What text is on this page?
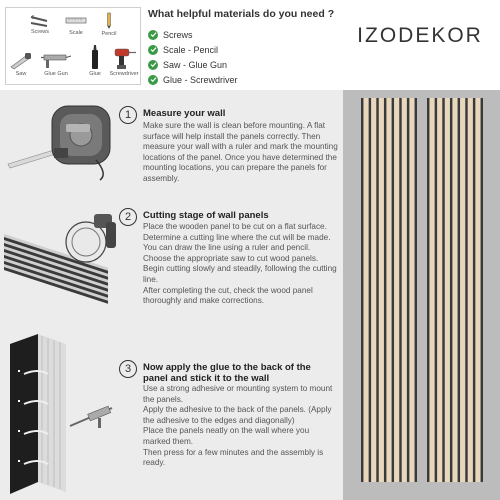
Screws	Scale	Pencil
Saw	Glue Gun	Glue	Screwdriver
What helpful materials do you need ?
Screws
Scale - Pencil
Saw - Glue Gun
Glue - Screwdriver
IZODEKOR
1	Measure your wall
Make sure the wall is clean before mounting. A flat surface will help install the panels correctly. Then measure your wall with a ruler and mark the mounting locations of the panel. Once you have determined the mounting locations, you can prepare the panels for assembly.
2	Cutting stage of wall panels
Place the wooden panel to be cut on a flat surface.
Determine a cutting line where the cut will be made. You can draw the line using a ruler and pencil.
Choose the appropriate saw to cut wood panels.
Begin cutting slowly and steadily, following the cutting line.
After completing the cut, check the wood panel thoroughly and make corrections.
3	Now apply the glue to the back of the panel and stick it to the wall
Use a strong adhesive or mounting system to mount the panels.
Apply the adhesive to the back of the panels. (Apply the adhesive to the edges and diagonally)
Place the panels neatly on the wall where you marked them.
Then press for a few minutes and the assembly is ready.
